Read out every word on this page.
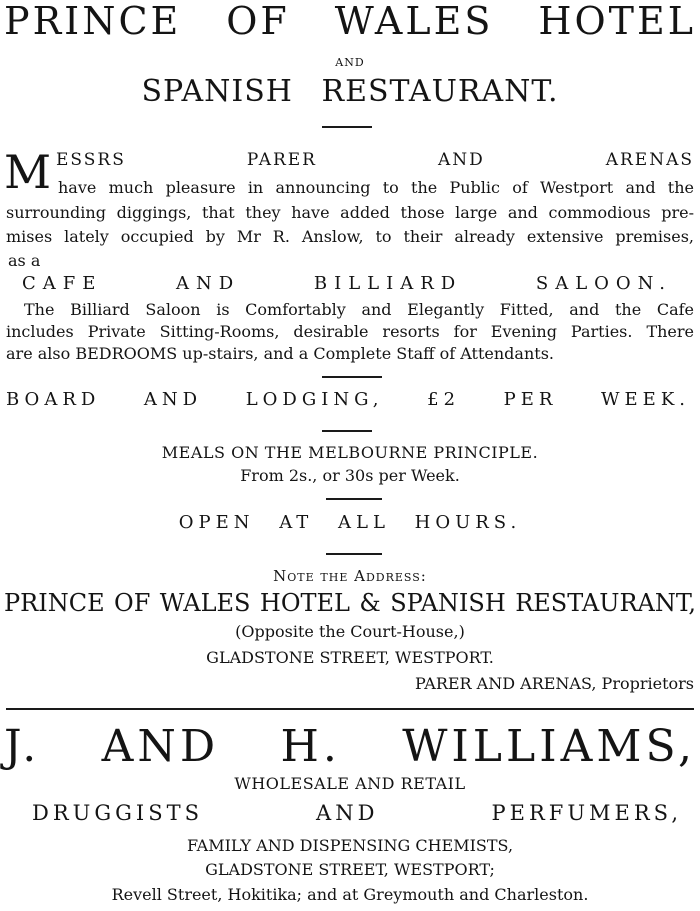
PRINCE OF WALES HOTEL
AND
SPANISH RESTAURANT.
M ESSRS PARER AND ARENAS
have much pleasure in announcing to the Public of Westport and the
surrounding diggings, that they have added those large and commodious pre-
mises lately occupied by Mr R. Anslow, to their already extensive premises,
as a
CAFE AND BILLIARD SALOON.
The Billiard Saloon is Comfortably and Elegantly Fitted, and the Cafe
includes Private Sitting-Rooms, desirable resorts for Evening Parties. There
are also BEDROOMS up-stairs, and a Complete Staff of Attendants.
BOARD AND LODGING, £2 PER WEEK.
MEALS ON THE MELBOURNE PRINCIPLE.
From 2s., or 30s per Week.
OPEN AT ALL HOURS.
Note the Address:
PRINCE OF WALES HOTEL & SPANISH RESTAURANT,
(Opposite the Court-House,)
GLADSTONE STREET, WESTPORT.
PARER AND ARENAS, Proprietors
J. AND H. WILLIAMS,
WHOLESALE AND RETAIL
DRUGGISTS AND PERFUMERS,
FAMILY AND DISPENSING CHEMISTS,
GLADSTONE STREET, WESTPORT;
Revell Street, Hokitika; and at Greymouth and Charleston.
